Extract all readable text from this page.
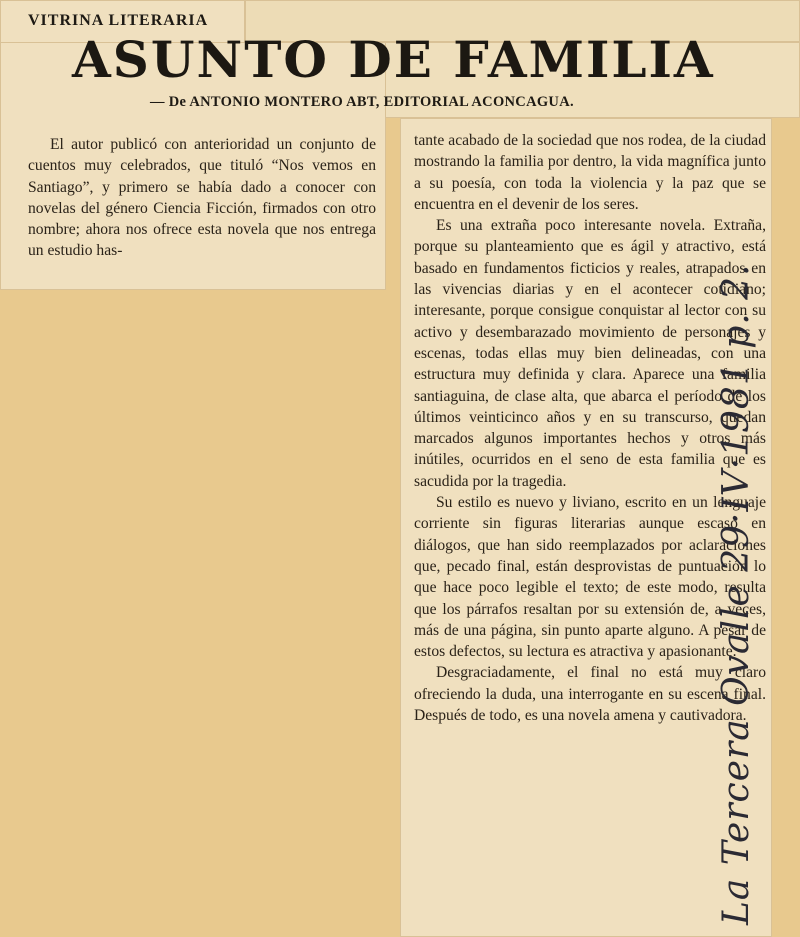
VITRINA LITERARIA
ASUNTO DE FAMILIA
— De ANTONIO MONTERO ABT, EDITORIAL ACONCAGUA.

El autor publicó con anterioridad un conjunto de cuentos muy celebrados, que tituló “Nos vemos en Santiago”, y primero se había dado a conocer con novelas del género Ciencia Ficción, firmados con otro nombre; ahora nos ofrece esta novela que nos entrega un estudio has-

tante acabado de la sociedad que nos rodea, de la ciudad mostrando la familia por dentro, la vida magnífica junto a su poesía, con toda la violencia y la paz que se encuentra en el devenir de los seres.

Es una extraña poco interesante novela. Extraña, porque su planteamiento que es ágil y atractivo, está basado en fundamentos ficticios y reales, atrapados en las vivencias diarias y en el acontecer cotidiano; interesante, porque consigue conquistar al lector con su activo y desembarazado movimiento de personajes y escenas, todas ellas muy bien delineadas, con una estructura muy definida y clara. Aparece una familia santiaguina, de clase alta, que abarca el período de los últimos veinticinco años y en su transcurso, quedan marcados algunos importantes hechos y otros más inútiles, ocurridos en el seno de esta familia que es sacudida por la tragedia.

Su estilo es nuevo y liviano, escrito en un lenguaje corriente sin figuras literarias aunque escaso en diálogos, que han sido reemplazados por aclaraciones que, pecado final, están desprovistas de puntuación lo que hace poco legible el texto; de este modo, resulta que los párrafos resaltan por su extensión de, a veces, más de una página, sin punto aparte alguno. A pesar de estos defectos, su lectura es atractiva y apasionante.

Desgraciadamente, el final no está muy claro ofreciendo la duda, una interrogante en su escena final. Después de todo, es una novela amena y cautivadora.

La Tercera Ovalle 29·IV·1981 p. 2.
